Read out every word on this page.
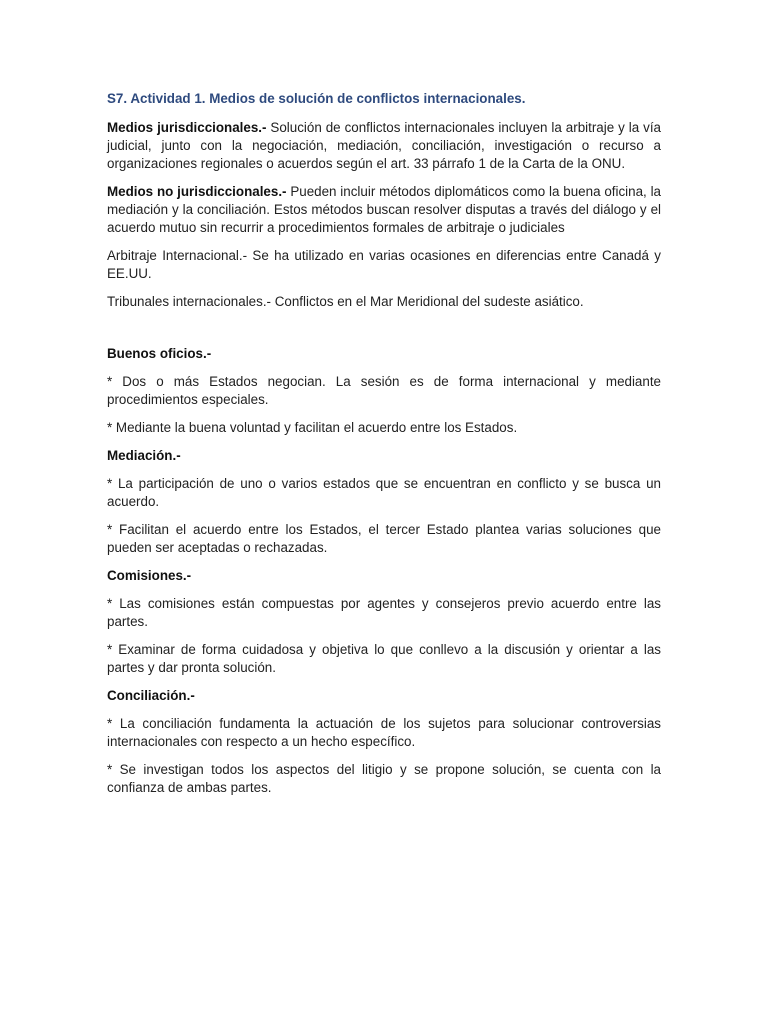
S7. Actividad 1. Medios de solución de conflictos internacionales.

Medios jurisdiccionales.- Solución de conflictos internacionales incluyen la arbitraje y la vía judicial, junto con la negociación, mediación, conciliación, investigación o recurso a organizaciones regionales o acuerdos según el art. 33 párrafo 1 de la Carta de la ONU.

Medios no jurisdiccionales.- Pueden incluir métodos diplomáticos como la buena oficina, la mediación y la conciliación. Estos métodos buscan resolver disputas a través del diálogo y el acuerdo mutuo sin recurrir a procedimientos formales de arbitraje o judiciales

Arbitraje Internacional.- Se ha utilizado en varias ocasiones en diferencias entre Canadá y EE.UU.

Tribunales internacionales.- Conflictos en el Mar Meridional del sudeste asiático.

Buenos oficios.-

* Dos o más Estados negocian. La sesión es de forma internacional y mediante procedimientos especiales.

* Mediante la buena voluntad y facilitan el acuerdo entre los Estados.

Mediación.-

* La participación de uno o varios estados que se encuentran en conflicto y se busca un acuerdo.

* Facilitan el acuerdo entre los Estados, el tercer Estado plantea varias soluciones que pueden ser aceptadas o rechazadas.

Comisiones.-

* Las comisiones están compuestas por agentes y consejeros previo acuerdo entre las partes.

* Examinar de forma cuidadosa y objetiva lo que conllevo a la discusión y orientar a las partes y dar pronta solución.

Conciliación.-

* La conciliación fundamenta la actuación de los sujetos para solucionar controversias internacionales con respecto a un hecho específico.

* Se investigan todos los aspectos del litigio y se propone solución, se cuenta con la confianza de ambas partes.
